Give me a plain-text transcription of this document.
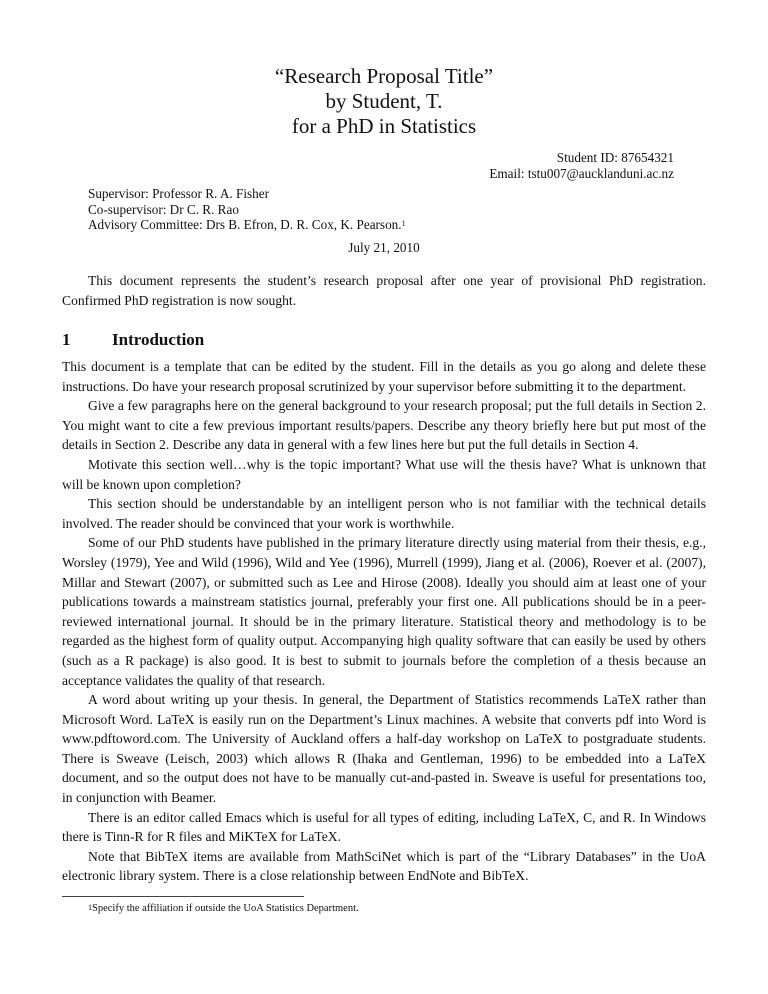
“Research Proposal Title”
by Student, T.
for a PhD in Statistics
Student ID: 87654321
Email: tstu007@aucklanduni.ac.nz
Supervisor: Professor R. A. Fisher
Co-supervisor: Dr C. R. Rao
Advisory Committee: Drs B. Efron, D. R. Cox, K. Pearson.$^1$
July 21, 2010
This document represents the student’s research proposal after one year of provisional PhD registration. Confirmed PhD registration is now sought.
1 Introduction

This document is a template that can be edited by the student. Fill in the details as you go along and delete these instructions. Do have your research proposal scrutinized by your supervisor before submitting it to the department.

Give a few paragraphs here on the general background to your research proposal; put the full details in Section 2. You might want to cite a few previous important results/papers. Describe any theory briefly here but put most of the details in Section 2. Describe any data in general with a few lines here but put the full details in Section 4.

Motivate this section well…why is the topic important? What use will the thesis have? What is unknown that will be known upon completion?

This section should be understandable by an intelligent person who is not familiar with the technical details involved. The reader should be convinced that your work is worthwhile.

Some of our PhD students have published in the primary literature directly using material from their thesis, e.g., Worsley (1979), Yee and Wild (1996), Wild and Yee (1996), Murrell (1999), Jiang et al. (2006), Roever et al. (2007), Millar and Stewart (2007), or submitted such as Lee and Hirose (2008). Ideally you should aim at least one of your publications towards a mainstream statistics journal, preferably your first one. All publications should be in a peer-reviewed international journal. It should be in the primary literature. Statistical theory and methodology is to be regarded as the highest form of quality output. Accompanying high quality software that can easily be used by others (such as a R package) is also good. It is best to submit to journals before the completion of a thesis because an acceptance validates the quality of that research.

A word about writing up your thesis. In general, the Department of Statistics recommends LaTeX rather than Microsoft Word. LaTeX is easily run on the Department’s Linux machines. A website that converts pdf into Word is www.pdftoword.com. The University of Auckland offers a half-day workshop on LaTeX to postgraduate students. There is Sweave (Leisch, 2003) which allows R (Ihaka and Gentleman, 1996) to be embedded into a LaTeX document, and so the output does not have to be manually cut-and-pasted in. Sweave is useful for presentations too, in conjunction with Beamer.

There is an editor called Emacs which is useful for all types of editing, including LaTeX, C, and R. In Windows there is Tinn-R for R files and MiKTeX for LaTeX.

Note that BibTeX items are available from MathSciNet which is part of the “Library Databases” in the UoA electronic library system. There is a close relationship between EndNote and BibTeX.

$^1$Specify the affiliation if outside the UoA Statistics Department.
